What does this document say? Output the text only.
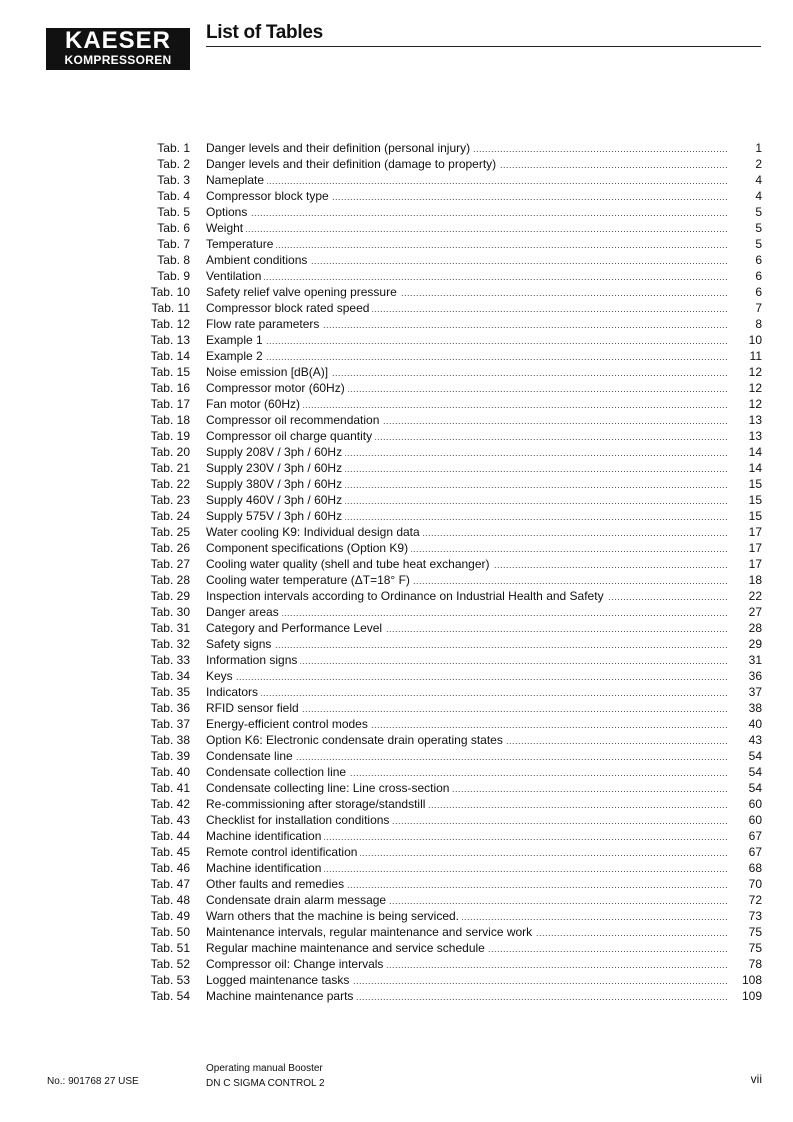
KAESER
KOMPRESSOREN
List of Tables
Tab. 1 ..... Danger levels and their definition (personal injury)	1
Tab. 2 ..... Danger levels and their definition (damage to property)	2
Tab. 3 ..... Nameplate	4
Tab. 4 ..... Compressor block type	4
Tab. 5 ..... Options	5
Tab. 6 ..... Weight	5
Tab. 7 ..... Temperature	5
Tab. 8 ..... Ambient conditions	6
Tab. 9 ..... Ventilation	6
Tab. 10 ..... Safety relief valve opening pressure	6
Tab. 11 ..... Compressor block rated speed	7
Tab. 12 ..... Flow rate parameters	8
Tab. 13 ..... Example 1	10
Tab. 14 ..... Example 2	11
Tab. 15 ..... Noise emission [dB(A)]	12
Tab. 16 ..... Compressor motor (60Hz)	12
Tab. 17 ..... Fan motor (60Hz)	12
Tab. 18 ..... Compressor oil recommendation	13
Tab. 19 ..... Compressor oil charge quantity	13
Tab. 20 ..... Supply 208V / 3ph / 60Hz	14
Tab. 21 ..... Supply 230V / 3ph / 60Hz	14
Tab. 22 ..... Supply 380V / 3ph / 60Hz	15
Tab. 23 ..... Supply 460V / 3ph / 60Hz	15
Tab. 24 ..... Supply 575V / 3ph / 60Hz	15
Tab. 25 ..... Water cooling K9: Individual design data	17
Tab. 26 ..... Component specifications (Option K9)	17
Tab. 27 ..... Cooling water quality (shell and tube heat exchanger)	17
Tab. 28 ..... Cooling water temperature (ΔT=18° F)	18
Tab. 29 ..... Inspection intervals according to Ordinance on Industrial Health and Safety	22
Tab. 30 ..... Danger areas	27
Tab. 31 ..... Category and Performance Level	28
Tab. 32 ..... Safety signs	29
Tab. 33 ..... Information signs	31
Tab. 34 ..... Keys	36
Tab. 35 ..... Indicators	37
Tab. 36 ..... RFID sensor field	38
Tab. 37 ..... Energy-efficient control modes	40
Tab. 38 ..... Option K6: Electronic condensate drain operating states	43
Tab. 39 ..... Condensate line	54
Tab. 40 ..... Condensate collection line	54
Tab. 41 ..... Condensate collecting line: Line cross-section	54
Tab. 42 ..... Re-commissioning after storage/standstill	60
Tab. 43 ..... Checklist for installation conditions	60
Tab. 44 ..... Machine identification	67
Tab. 45 ..... Remote control identification	67
Tab. 46 ..... Machine identification	68
Tab. 47 ..... Other faults and remedies	70
Tab. 48 ..... Condensate drain alarm message	72
Tab. 49 ..... Warn others that the machine is being serviced.	73
Tab. 50 ..... Maintenance intervals, regular maintenance and service work	75
Tab. 51 ..... Regular machine maintenance and service schedule	75
Tab. 52 ..... Compressor oil: Change intervals	78
Tab. 53 ..... Logged maintenance tasks	108
Tab. 54 ..... Machine maintenance parts	109
No.: 901768 27 USE
Operating manual Booster
DN C SIGMA CONTROL 2	vii
